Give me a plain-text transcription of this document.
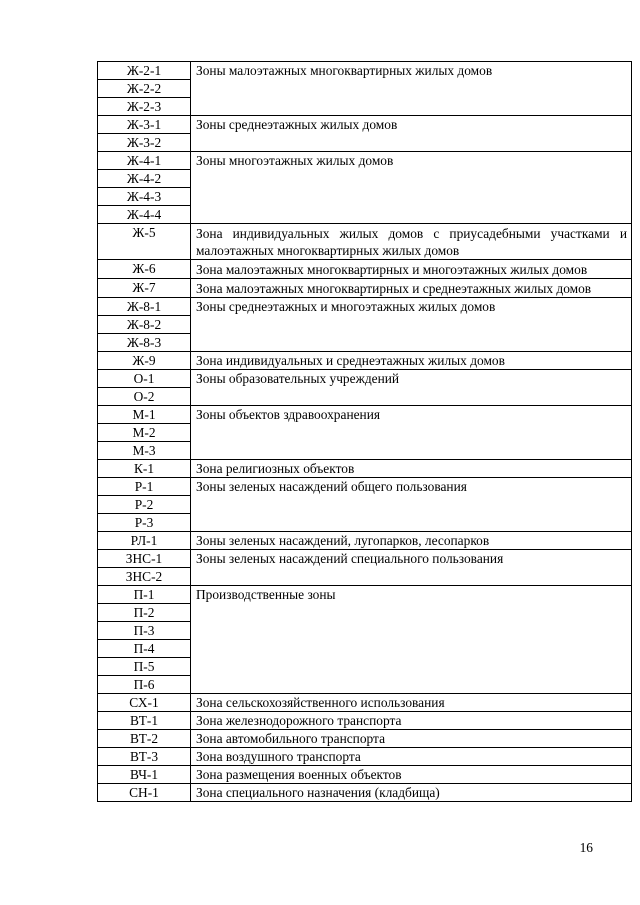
Ж-2-1	Зоны малоэтажных многоквартирных жилых домов
Ж-2-2	
Ж-2-3	
Ж-3-1	Зоны среднеэтажных жилых домов
Ж-3-2	
Ж-4-1	Зоны многоэтажных жилых домов
Ж-4-2	
Ж-4-3	
Ж-4-4	
Ж-5	Зона индивидуальных жилых домов с приусадебными участками и малоэтажных многоквартирных жилых домов
Ж-6	Зона малоэтажных многоквартирных и многоэтажных жилых домов
Ж-7	Зона малоэтажных многоквартирных и среднеэтажных жилых домов
Ж-8-1	Зоны среднеэтажных и многоэтажных жилых домов
Ж-8-2	
Ж-8-3	
Ж-9	Зона индивидуальных и среднеэтажных жилых домов
О-1	Зоны образовательных учреждений
О-2	
М-1	Зоны объектов здравоохранения
М-2	
М-3	
К-1	Зона религиозных объектов
Р-1	Зоны зеленых насаждений общего пользования
Р-2	
Р-3	
РЛ-1	Зоны зеленых насаждений, лугопарков, лесопарков
ЗНС-1	Зоны зеленых насаждений специального пользования
ЗНС-2	
П-1	Производственные зоны
П-2	
П-3	
П-4	
П-5	
П-6	
СХ-1	Зона сельскохозяйственного использования
ВТ-1	Зона железнодорожного транспорта
ВТ-2	Зона автомобильного транспорта
ВТ-3	Зона воздушного транспорта
ВЧ-1	Зона размещения военных объектов
СН-1	Зона специального назначения (кладбища)
16
